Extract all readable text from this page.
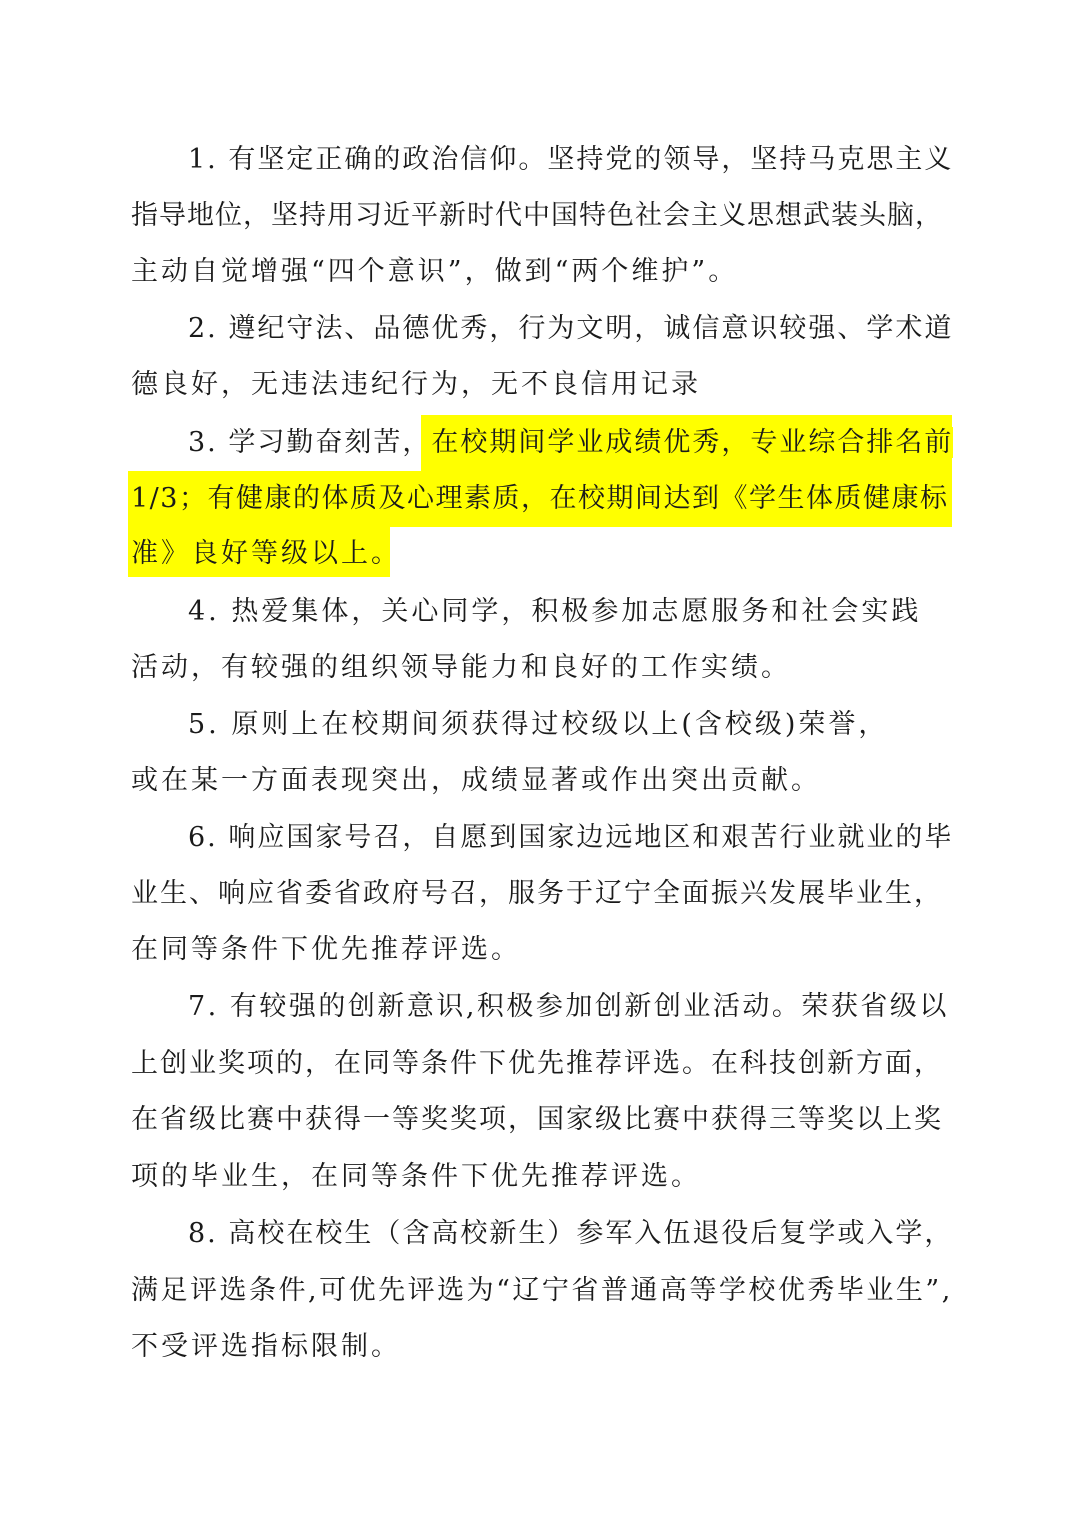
1. 有坚定正确的政治信仰。坚持党的领导，坚持马克思主义
指导地位，坚持用习近平新时代中国特色社会主义思想武装头脑，
主动自觉增强“四个意识”，做到“两个维护”。
2. 遵纪守法、品德优秀，行为文明，诚信意识较强、学术道
德良好，无违法违纪行为，无不良信用记录
3. 学习勤奋刻苦，在校期间学业成绩优秀，专业综合排名前
1/3；有健康的体质及心理素质，在校期间达到《学生体质健康标
准》良好等级以上。
4. 热爱集体，关心同学，积极参加志愿服务和社会实践
活动，有较强的组织领导能力和良好的工作实绩。
5. 原则上在校期间须获得过校级以上(含校级)荣誉，
或在某一方面表现突出，成绩显著或作出突出贡献。
6. 响应国家号召，自愿到国家边远地区和艰苦行业就业的毕
业生、响应省委省政府号召，服务于辽宁全面振兴发展毕业生，
在同等条件下优先推荐评选。
7. 有较强的创新意识,积极参加创新创业活动。荣获省级以
上创业奖项的，在同等条件下优先推荐评选。在科技创新方面，
在省级比赛中获得一等奖奖项，国家级比赛中获得三等奖以上奖
项的毕业生，在同等条件下优先推荐评选。
8. 高校在校生（含高校新生）参军入伍退役后复学或入学，
满足评选条件,可优先评选为“辽宁省普通高等学校优秀毕业生”,
不受评选指标限制。
